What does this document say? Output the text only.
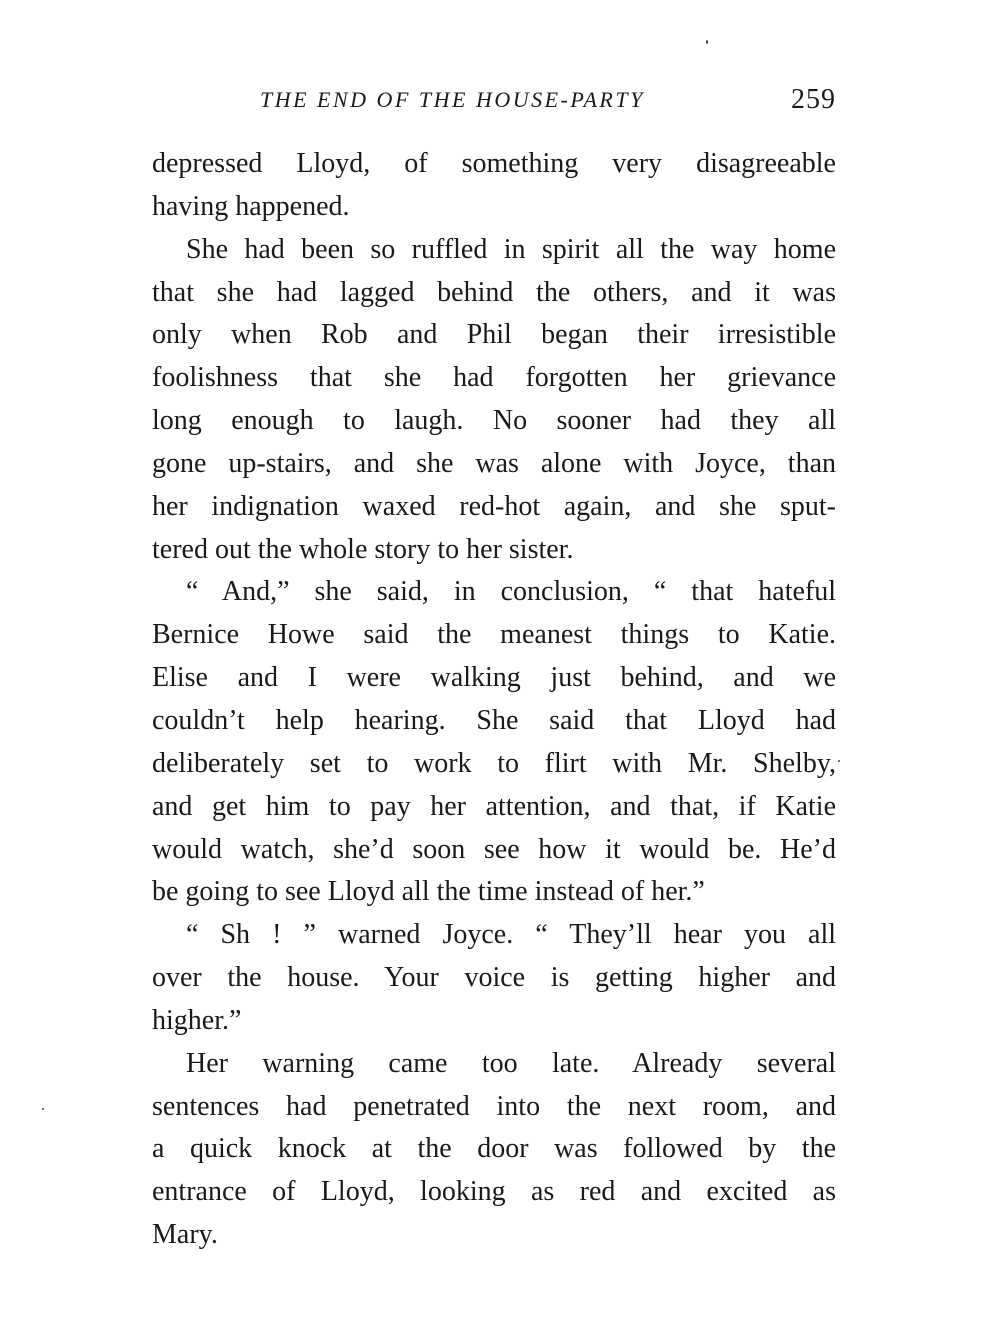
THE END OF THE HOUSE-PARTY	259
depressed Lloyd, of something very disagreeable
having happened.
She had been so ruffled in spirit all the way home
that she had lagged behind the others, and it was
only when Rob and Phil began their irresistible
foolishness that she had forgotten her grievance
long enough to laugh. No sooner had they all
gone up-stairs, and she was alone with Joyce, than
her indignation waxed red-hot again, and she sput-
tered out the whole story to her sister.
“ And,” she said, in conclusion, “ that hateful
Bernice Howe said the meanest things to Katie.
Elise and I were walking just behind, and we
couldn’t help hearing. She said that Lloyd had
deliberately set to work to flirt with Mr. Shelby,
and get him to pay her attention, and that, if Katie
would watch, she’d soon see how it would be. He’d
be going to see Lloyd all the time instead of her.”
“ Sh ! ” warned Joyce. “ They’ll hear you all
over the house. Your voice is getting higher and
higher.”
Her warning came too late. Already several
sentences had penetrated into the next room, and
a quick knock at the door was followed by the
entrance of Lloyd, looking as red and excited as
Mary.
